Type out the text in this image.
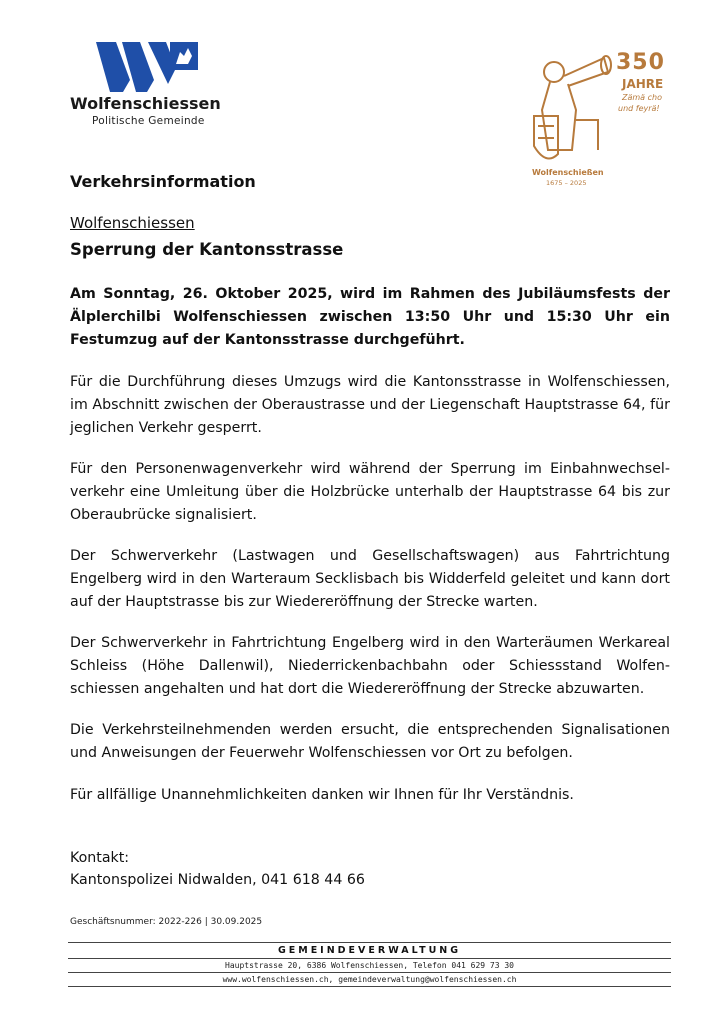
Wolfenschiessen
Politische Gemeinde
350
JAHRE
Zämä cho
und feyrä!
Wolfenschießen
1675 – 2025
Verkehrsinformation
Wolfenschiessen
Sperrung der Kantonsstrasse
Am Sonntag, 26. Oktober 2025, wird im Rahmen des Jubiläumsfests der Älplerchilbi Wolfenschiessen zwischen 13:50 Uhr und 15:30 Uhr ein Festumzug auf der Kantonsstrasse durchgeführt.
Für die Durchführung dieses Umzugs wird die Kantonsstrasse in Wolfenschiessen, im Abschnitt zwischen der Oberaustrasse und der Liegenschaft Hauptstrasse 64, für jeglichen Verkehr gesperrt.
Für den Personenwagenverkehr wird während der Sperrung im Einbahnwechselverkehr eine Umleitung über die Holzbrücke unterhalb der Hauptstrasse 64 bis zur Oberaubrücke signalisiert.
Der Schwerverkehr (Lastwagen und Gesellschaftswagen) aus Fahrtrichtung Engelberg wird in den Warteraum Secklisbach bis Widderfeld geleitet und kann dort auf der Hauptstrasse bis zur Wiedereröffnung der Strecke warten.
Der Schwerverkehr in Fahrtrichtung Engelberg wird in den Warteräumen Werkareal Schleiss (Höhe Dallenwil), Niederrickenbachbahn oder Schiessstand Wolfenschiessen angehalten und hat dort die Wiedereröffnung der Strecke abzuwarten.
Die Verkehrsteilnehmenden werden ersucht, die entsprechenden Signalisationen und Anweisungen der Feuerwehr Wolfenschiessen vor Ort zu befolgen.
Für allfällige Unannehmlichkeiten danken wir Ihnen für Ihr Verständnis.
Kontakt:
Kantonspolizei Nidwalden, 041 618 44 66
Geschäftsnummer: 2022-226 | 30.09.2025
GEMEINDEVERWALTUNG
Hauptstrasse 20, 6386 Wolfenschiessen, Telefon 041 629 73 30
www.wolfenschiessen.ch, gemeindeverwaltung@wolfenschiessen.ch
